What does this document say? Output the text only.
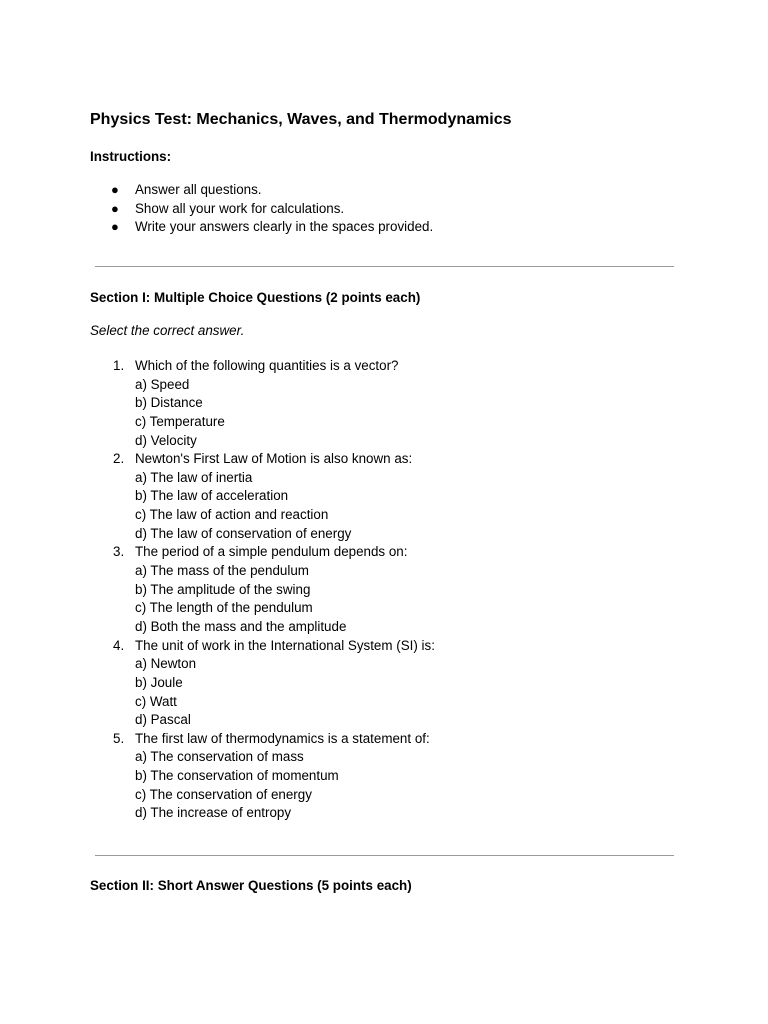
Physics Test: Mechanics, Waves, and Thermodynamics
Instructions:
●	Answer all questions.
●	Show all your work for calculations.
●	Write your answers clearly in the spaces provided.
Section I: Multiple Choice Questions (2 points each)
Select the correct answer.
1. Which of the following quantities is a vector?
a) Speed
b) Distance
c) Temperature
d) Velocity
2. Newton's First Law of Motion is also known as:
a) The law of inertia
b) The law of acceleration
c) The law of action and reaction
d) The law of conservation of energy
3. The period of a simple pendulum depends on:
a) The mass of the pendulum
b) The amplitude of the swing
c) The length of the pendulum
d) Both the mass and the amplitude
4. The unit of work in the International System (SI) is:
a) Newton
b) Joule
c) Watt
d) Pascal
5. The first law of thermodynamics is a statement of:
a) The conservation of mass
b) The conservation of momentum
c) The conservation of energy
d) The increase of entropy
Section II: Short Answer Questions (5 points each)
